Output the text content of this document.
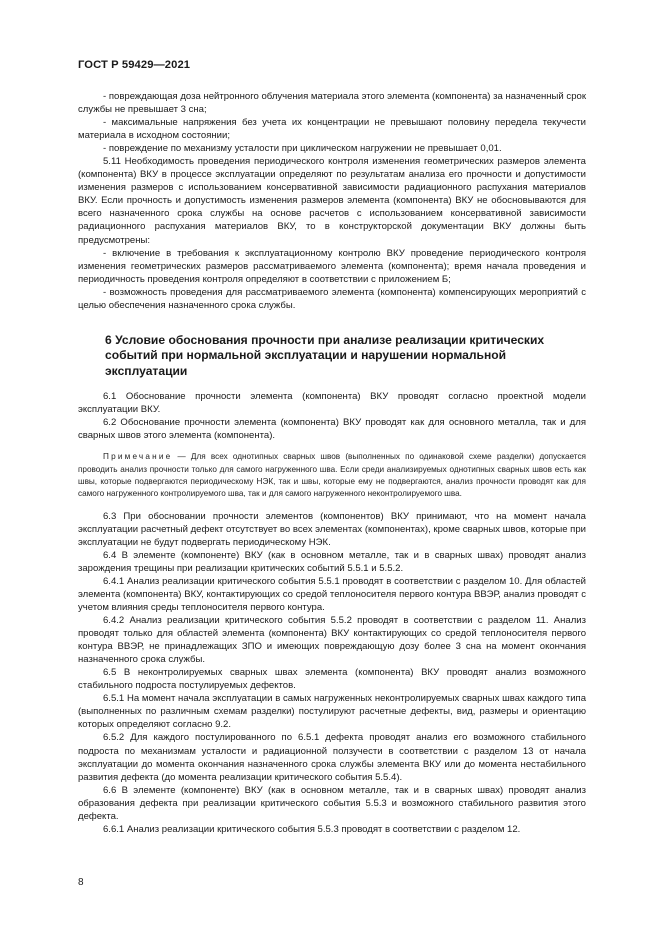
ГОСТ Р 59429—2021

- повреждающая доза нейтронного облучения материала этого элемента (компонента) за назначенный срок службы не превышает 3 сна;

- максимальные напряжения без учета их концентрации не превышают половину передела текучести материала в исходном состоянии;

- повреждение по механизму усталости при циклическом нагружении не превышает 0,01.

5.11 Необходимость проведения периодического контроля изменения геометрических размеров элемента (компонента) ВКУ в процессе эксплуатации определяют по результатам анализа его прочности и допустимости изменения размеров с использованием консервативной зависимости радиационного распухания материалов ВКУ. Если прочность и допустимость изменения размеров элемента (компонента) ВКУ не обосновываются для всего назначенного срока службы на основе расчетов с использованием консервативной зависимости радиационного распухания материалов ВКУ, то в конструкторской документации ВКУ должны быть предусмотрены:

- включение в требования к эксплуатационному контролю ВКУ проведение периодического контроля изменения геометрических размеров рассматриваемого элемента (компонента); время начала проведения и периодичность проведения контроля определяют в соответствии с приложением Б;

- возможность проведения для рассматриваемого элемента (компонента) компенсирующих мероприятий с целью обеспечения назначенного срока службы.

6 Условие обоснования прочности при анализе реализации критических событий при нормальной эксплуатации и нарушении нормальной эксплуатации

6.1 Обоснование прочности элемента (компонента) ВКУ проводят согласно проектной модели эксплуатации ВКУ.

6.2 Обоснование прочности элемента (компонента) ВКУ проводят как для основного металла, так и для сварных швов этого элемента (компонента).

Примечание — Для всех однотипных сварных швов (выполненных по одинаковой схеме разделки) допускается проводить анализ прочности только для самого нагруженного шва. Если среди анализируемых однотипных сварных швов есть как швы, которые подвергаются периодическому НЭК, так и швы, которые ему не подвергаются, анализ прочности проводят как для самого нагруженного контролируемого шва, так и для самого нагруженного неконтролируемого шва.

6.3 При обосновании прочности элементов (компонентов) ВКУ принимают, что на момент начала эксплуатации расчетный дефект отсутствует во всех элементах (компонентах), кроме сварных швов, которые при эксплуатации не будут подвергать периодическому НЭК.

6.4 В элементе (компоненте) ВКУ (как в основном металле, так и в сварных швах) проводят анализ зарождения трещины при реализации критических событий 5.5.1 и 5.5.2.

6.4.1 Анализ реализации критического события 5.5.1 проводят в соответствии с разделом 10. Для областей элемента (компонента) ВКУ, контактирующих со средой теплоносителя первого контура ВВЭР, анализ проводят с учетом влияния среды теплоносителя первого контура.

6.4.2 Анализ реализации критического события 5.5.2 проводят в соответствии с разделом 11. Анализ проводят только для областей элемента (компонента) ВКУ контактирующих со средой теплоносителя первого контура ВВЭР, не принадлежащих ЗПО и имеющих повреждающую дозу более 3 сна на момент окончания назначенного срока службы.

6.5 В неконтролируемых сварных швах элемента (компонента) ВКУ проводят анализ возможного стабильного подроста постулируемых дефектов.

6.5.1 На момент начала эксплуатации в самых нагруженных неконтролируемых сварных швах каждого типа (выполненных по различным схемам разделки) постулируют расчетные дефекты, вид, размеры и ориентацию которых определяют согласно 9.2.

6.5.2 Для каждого постулированного по 6.5.1 дефекта проводят анализ его возможного стабильного подроста по механизмам усталости и радиационной ползучести в соответствии с разделом 13 от начала эксплуатации до момента окончания назначенного срока службы элемента ВКУ или до момента нестабильного развития дефекта (до момента реализации критического события 5.5.4).

6.6 В элементе (компоненте) ВКУ (как в основном металле, так и в сварных швах) проводят анализ образования дефекта при реализации критического события 5.5.3 и возможного стабильного развития этого дефекта.

6.6.1 Анализ реализации критического события 5.5.3 проводят в соответствии с разделом 12.

8
